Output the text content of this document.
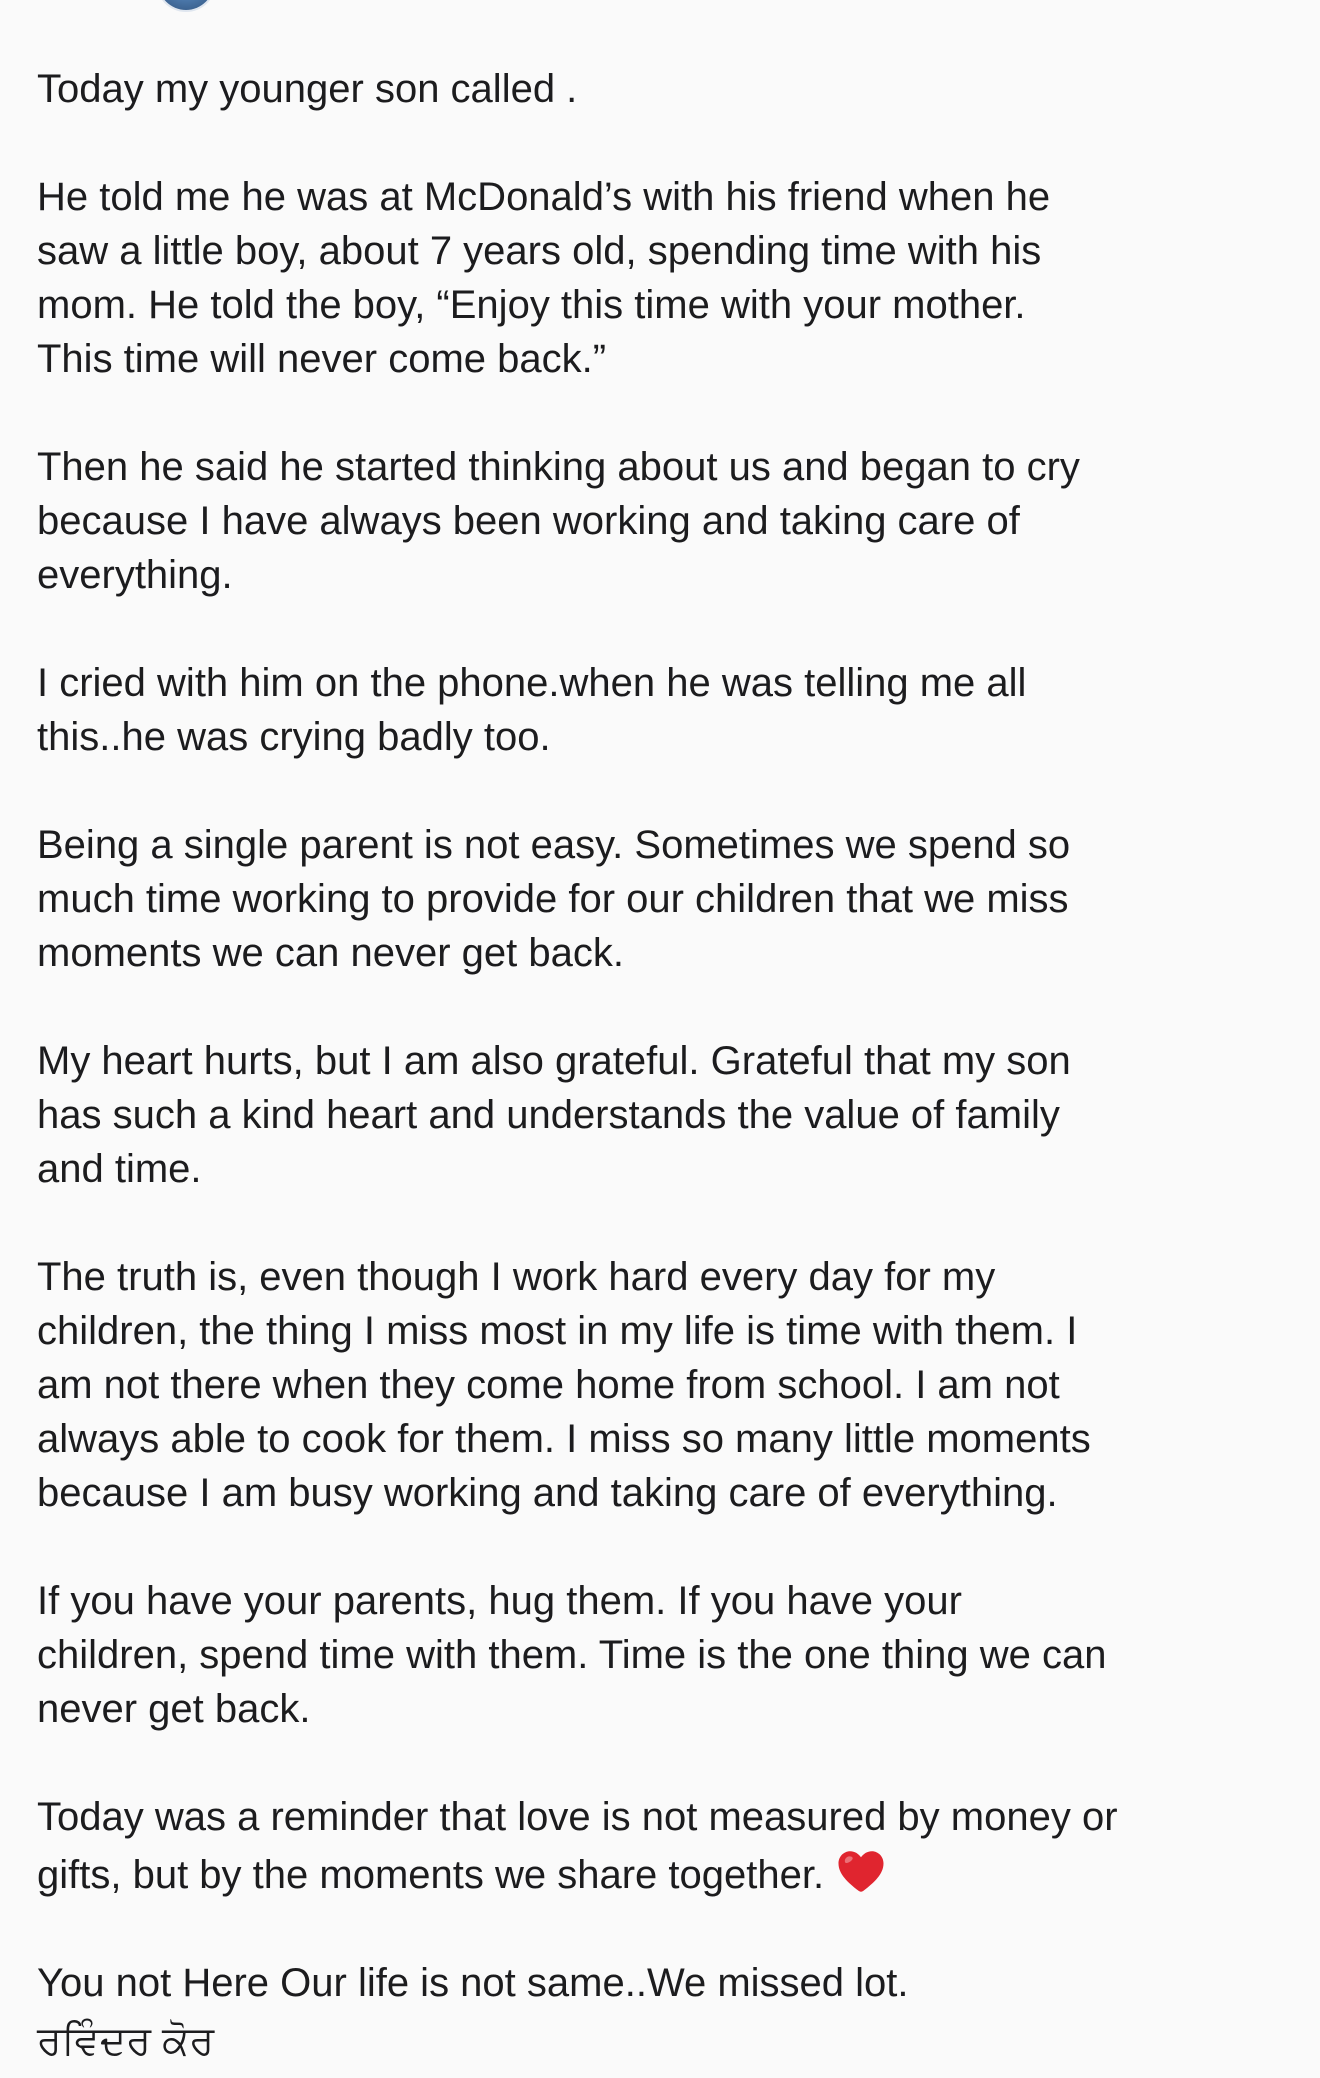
Today my younger son called .

He told me he was at McDonald’s with his friend when he
saw a little boy, about 7 years old, spending time with his
mom. He told the boy, “Enjoy this time with your mother.
This time will never come back.”

Then he said he started thinking about us and began to cry
because I have always been working and taking care of
everything.

I cried with him on the phone.when he was telling me all
this..he was crying badly too.

Being a single parent is not easy. Sometimes we spend so
much time working to provide for our children that we miss
moments we can never get back.

My heart hurts, but I am also grateful. Grateful that my son
has such a kind heart and understands the value of family
and time.

The truth is, even though I work hard every day for my
children, the thing I miss most in my life is time with them. I
am not there when they come home from school. I am not
always able to cook for them. I miss so many little moments
because I am busy working and taking care of everything.

If you have your parents, hug them. If you have your
children, spend time with them. Time is the one thing we can
never get back.

Today was a reminder that love is not measured by money or
gifts, but by the moments we share together.

You not Here Our life is not same..We missed lot.

ਰਵਿੰਦਰ ਕੋਰ
